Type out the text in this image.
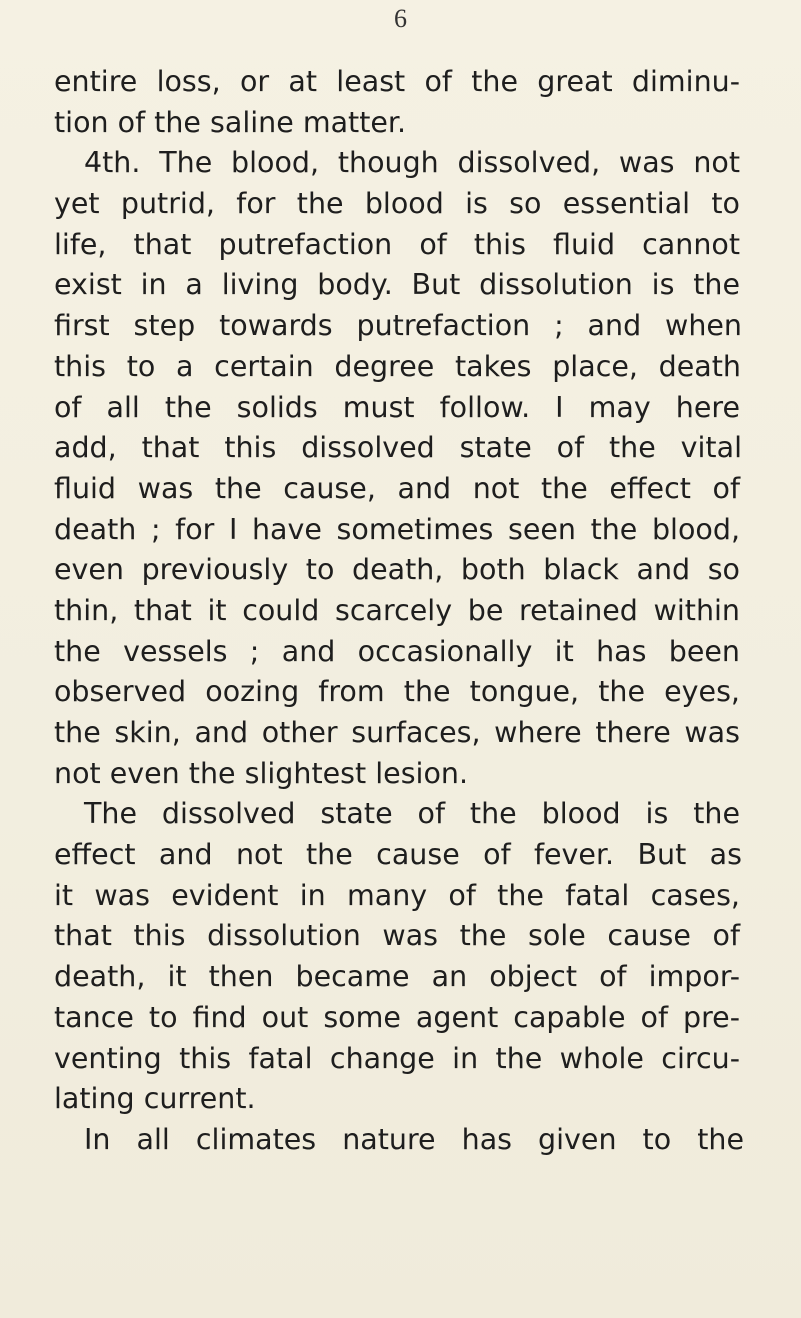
6
entire loss, or at least of the great diminu-
tion of the saline matter.
4th. The blood, though dissolved, was not
yet putrid, for the blood is so essential to
life, that putrefaction of this fluid cannot
exist in a living body. But dissolution is the
first step towards putrefaction ; and when
this to a certain degree takes place, death
of all the solids must follow. I may here
add, that this dissolved state of the vital
fluid was the cause, and not the effect of
death ; for I have sometimes seen the blood,
even previously to death, both black and so
thin, that it could scarcely be retained within
the vessels ; and occasionally it has been
observed oozing from the tongue, the eyes,
the skin, and other surfaces, where there was
not even the slightest lesion.
The dissolved state of the blood is the
effect and not the cause of fever. But as
it was evident in many of the fatal cases,
that this dissolution was the sole cause of
death, it then became an object of impor-
tance to find out some agent capable of pre-
venting this fatal change in the whole circu-
lating current.
In all climates nature has given to the
